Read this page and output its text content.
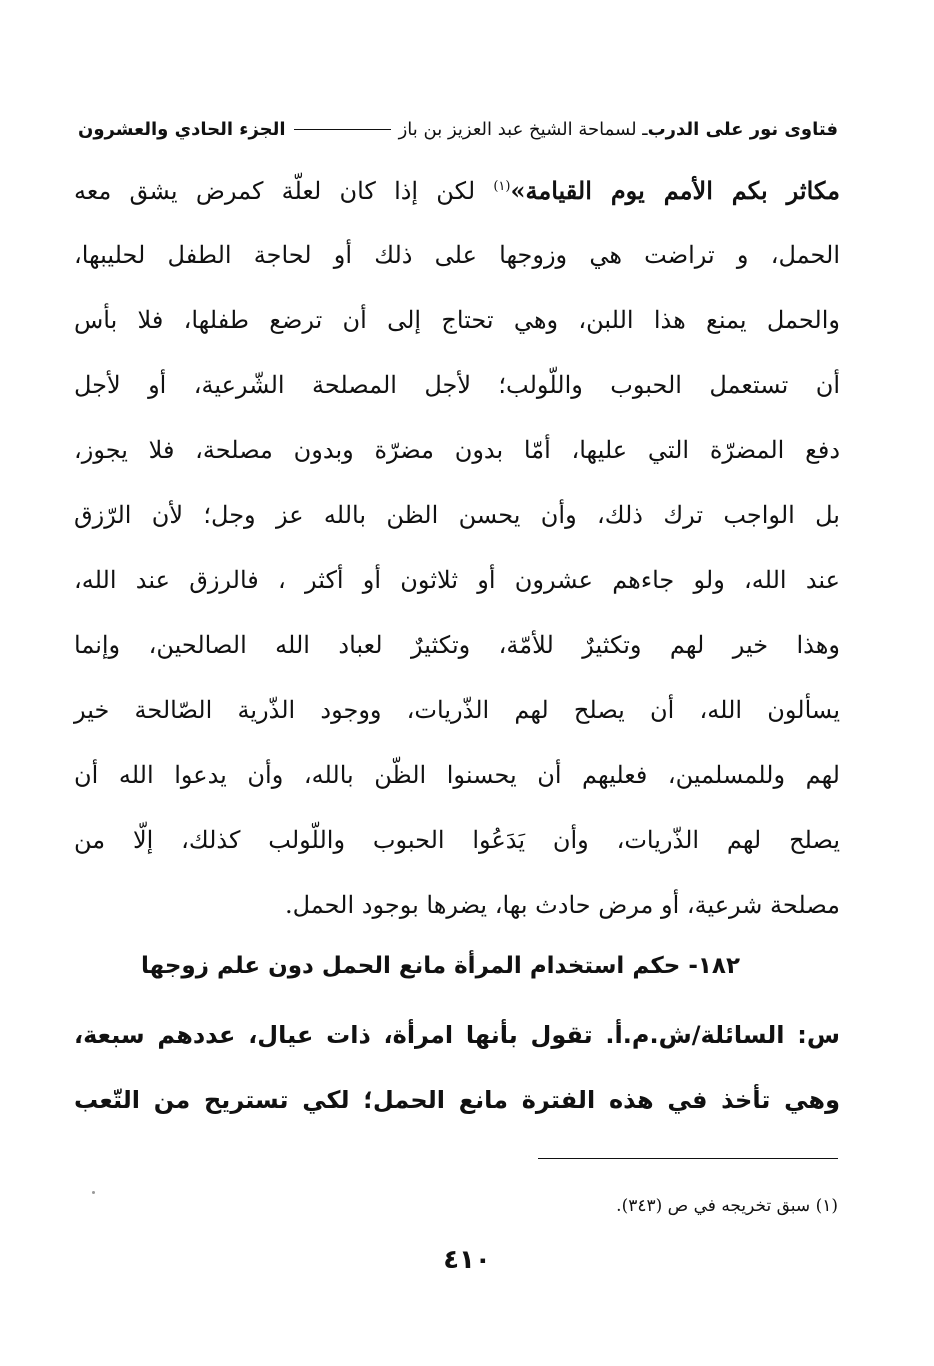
فتاوى نور على الدرب
ـ لسماحة الشيخ عبد العزيز بن باز
الجزء الحادي والعشرون
مكاثر بكم الأمم يوم القيامة»$^{(١)}$ لكن إذا كان لعلّة كمرض يشق معه
الحمل، و تراضت هي وزوجها على ذلك أو لحاجة الطفل لحليبها،
والحمل يمنع هذا اللبن، وهي تحتاج إلى أن ترضع طفلها، فلا بأس
أن تستعمل الحبوب واللّولب؛ لأجل المصلحة الشّرعية، أو لأجل
دفع المضرّة التي عليها، أمّا بدون مضرّة وبدون مصلحة، فلا يجوز،
بل الواجب ترك ذلك، وأن يحسن الظن بالله عز وجل؛ لأن الرّزق
عند الله، ولو جاءهم عشرون أو ثلاثون أو أكثر ، فالرزق عند الله،
وهذا خير لهم وتكثيرٌ للأمّة، وتكثيرٌ لعباد الله الصالحين، وإنما
يسألون الله، أن يصلح لهم الذّريات، ووجود الذّرية الصّالحة خير
لهم وللمسلمين، فعليهم أن يحسنوا الظّن بالله، وأن يدعوا الله أن
يصلح لهم الذّريات، وأن يَدَعُوا الحبوب واللّولب كذلك، إلّا من
مصلحة شرعية، أو مرض حادث بها، يضرها بوجود الحمل.
١٨٢- حكم استخدام المرأة مانع الحمل دون علم زوجها
س: السائلة/ش.م.أ. تقول بأنها امرأة، ذات عيال، عددهم سبعة،
وهي تأخذ في هذه الفترة مانع الحمل؛ لكي تستريح من التّعب
(١) سبق تخريجه في ص (٣٤٣).
٤١٠
